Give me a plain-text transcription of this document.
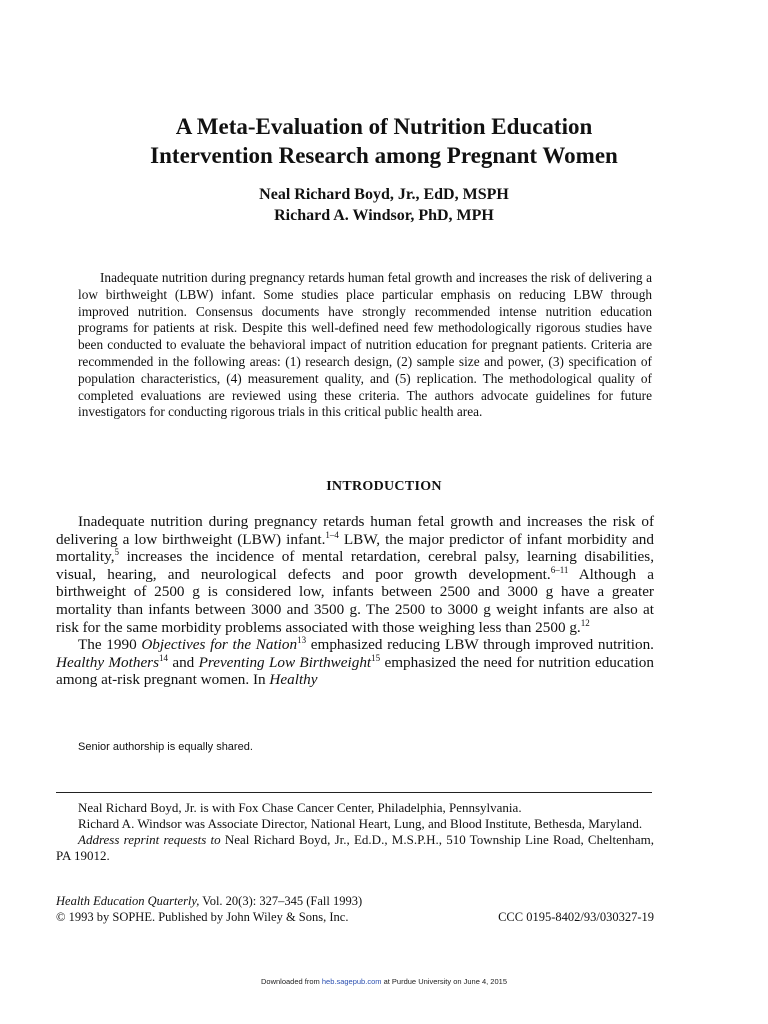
A Meta-Evaluation of Nutrition Education
Intervention Research among Pregnant Women
Neal Richard Boyd, Jr., EdD, MSPH
Richard A. Windsor, PhD, MPH
Inadequate nutrition during pregnancy retards human fetal growth and increases the risk of delivering a low birthweight (LBW) infant. Some studies place particular emphasis on reducing LBW through improved nutrition. Consensus documents have strongly recommended intense nutrition education programs for patients at risk. Despite this well-defined need few methodologically rigorous studies have been conducted to evaluate the behavioral impact of nutrition education for pregnant patients. Criteria are recommended in the following areas: (1) research design, (2) sample size and power, (3) specification of population characteristics, (4) measurement quality, and (5) replication. The methodological quality of completed evaluations are reviewed using these criteria. The authors advocate guidelines for future investigators for conducting rigorous trials in this critical public health area.
INTRODUCTION

Inadequate nutrition during pregnancy retards human fetal growth and increases the risk of delivering a low birthweight (LBW) infant.$^{1-4}$ LBW, the major predictor of infant morbidity and mortality,$^5$ increases the incidence of mental retardation, cerebral palsy, learning disabilities, visual, hearing, and neurological defects and poor growth development.$^{6-11}$ Although a birthweight of 2500 g is considered low, infants between 2500 and 3000 g have a greater mortality than infants between 3000 and 3500 g. The 2500 to 3000 g weight infants are also at risk for the same morbidity problems associated with those weighing less than 2500 g.$^{12}$

The 1990 Objectives for the Nation$^{13}$ emphasized reducing LBW through improved nutrition. Healthy Mothers$^{14}$ and Preventing Low Birthweight$^{15}$ emphasized the need for nutrition education among at-risk pregnant women. In Healthy

Senior authorship is equally shared.

Neal Richard Boyd, Jr. is with Fox Chase Cancer Center, Philadelphia, Pennsylvania.

Richard A. Windsor was Associate Director, National Heart, Lung, and Blood Institute, Bethesda, Maryland.

Address reprint requests to Neal Richard Boyd, Jr., Ed.D., M.S.P.H., 510 Township Line Road, Cheltenham, PA 19012.

Health Education Quarterly, Vol. 20(3): 327–345 (Fall 1993)
© 1993 by SOPHE. Published by John Wiley & Sons, Inc.	CCC 0195-8402/93/030327-19
Downloaded from heb.sagepub.com at Purdue University on June 4, 2015
